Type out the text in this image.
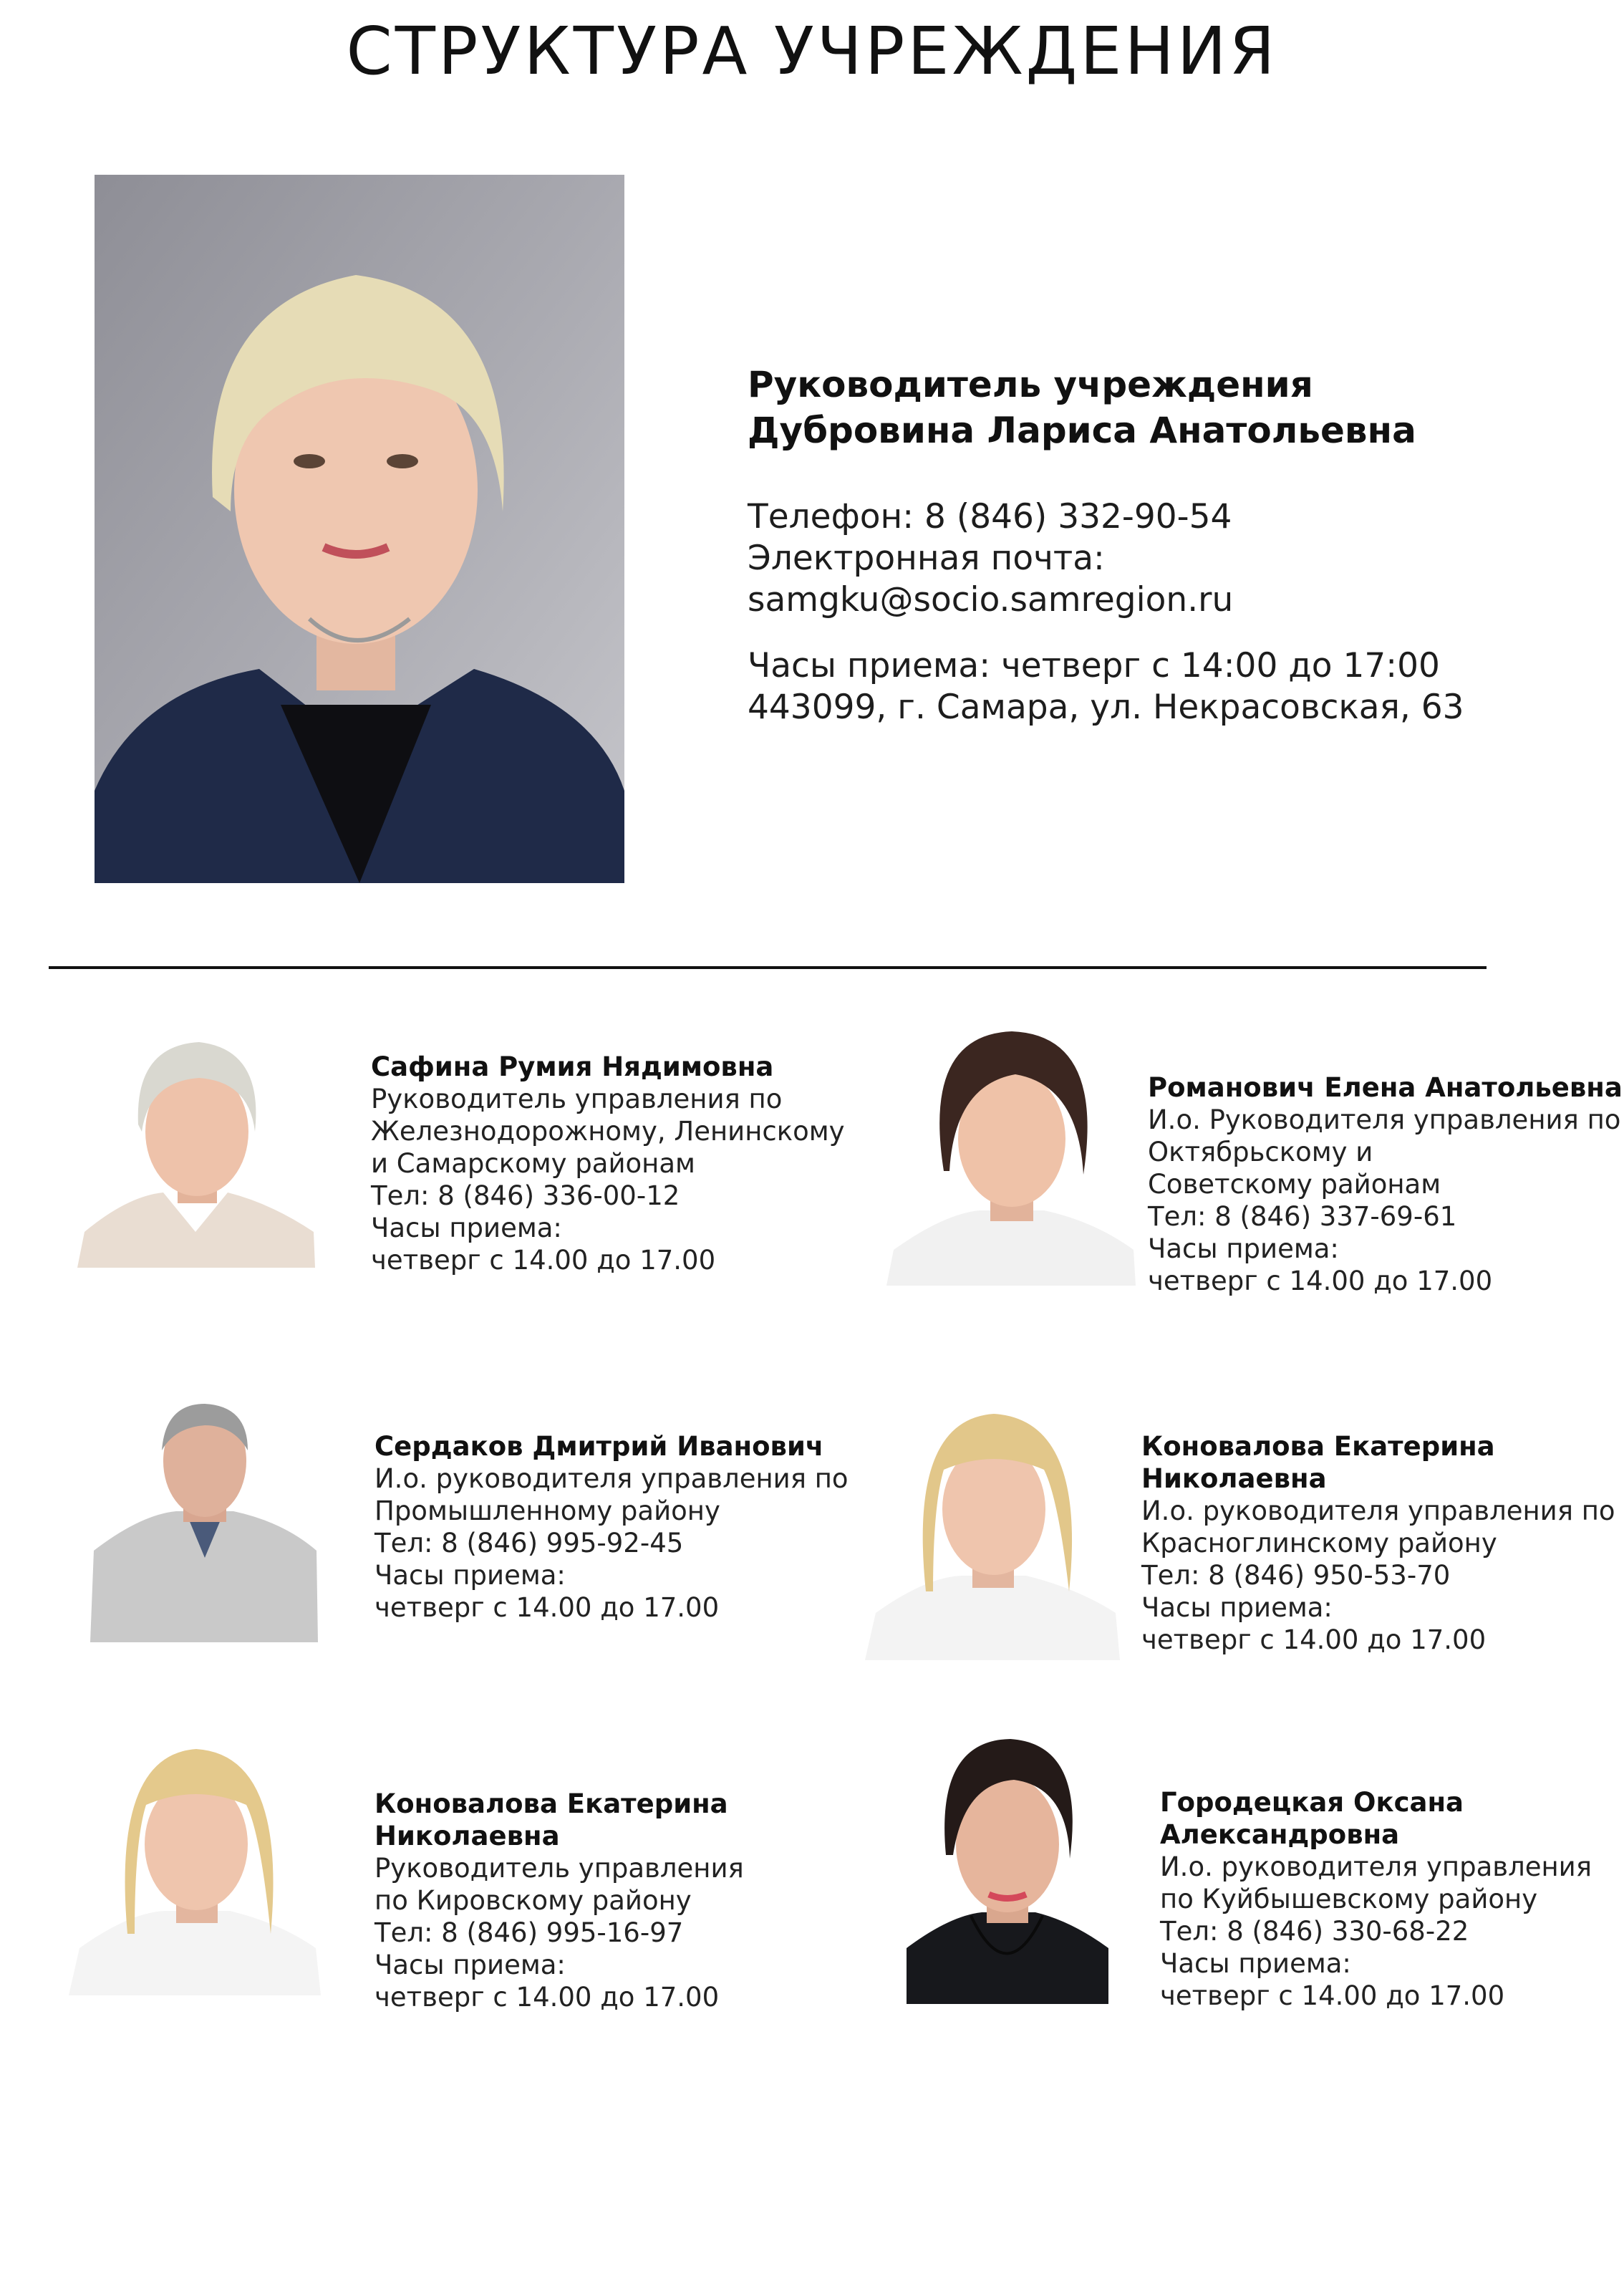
СТРУКТУРА УЧРЕЖДЕНИЯ
Руководитель учреждения
Дубровина Лариса Анатольевна
Телефон: 8 (846) 332-90-54
Электронная почта:
samgku@socio.samregion.ru
Часы приема: четверг с 14:00 до 17:00
443099, г. Самара, ул. Некрасовская, 63
Сафина Румия Нядимовна
Руководитель управления по
Железнодорожному, Ленинскому
и Самарскому районам
Тел: 8 (846) 336-00-12
Часы приема:
четверг с 14.00 до 17.00
Романович Елена Анатольевна
И.о. Руководителя управления по
Октябрьскому и
Советскому районам
Тел: 8 (846) 337-69-61
Часы приема:
четверг с 14.00 до 17.00
Сердаков Дмитрий Иванович
И.о. руководителя управления по
Промышленному району
Тел: 8 (846) 995-92-45
Часы приема:
четверг с 14.00 до 17.00
Коновалова Екатерина
Николаевна
И.о. руководителя управления по
Красноглинскому району
Тел: 8 (846) 950-53-70
Часы приема:
четверг с 14.00 до 17.00
Коновалова Екатерина
Николаевна
Руководитель управления
по Кировскому району
Тел: 8 (846) 995-16-97
Часы приема:
четверг с 14.00 до 17.00
Городецкая Оксана
Александровна
И.о. руководителя управления
по Куйбышевскому району
Тел: 8 (846) 330-68-22
Часы приема:
четверг с 14.00 до 17.00
